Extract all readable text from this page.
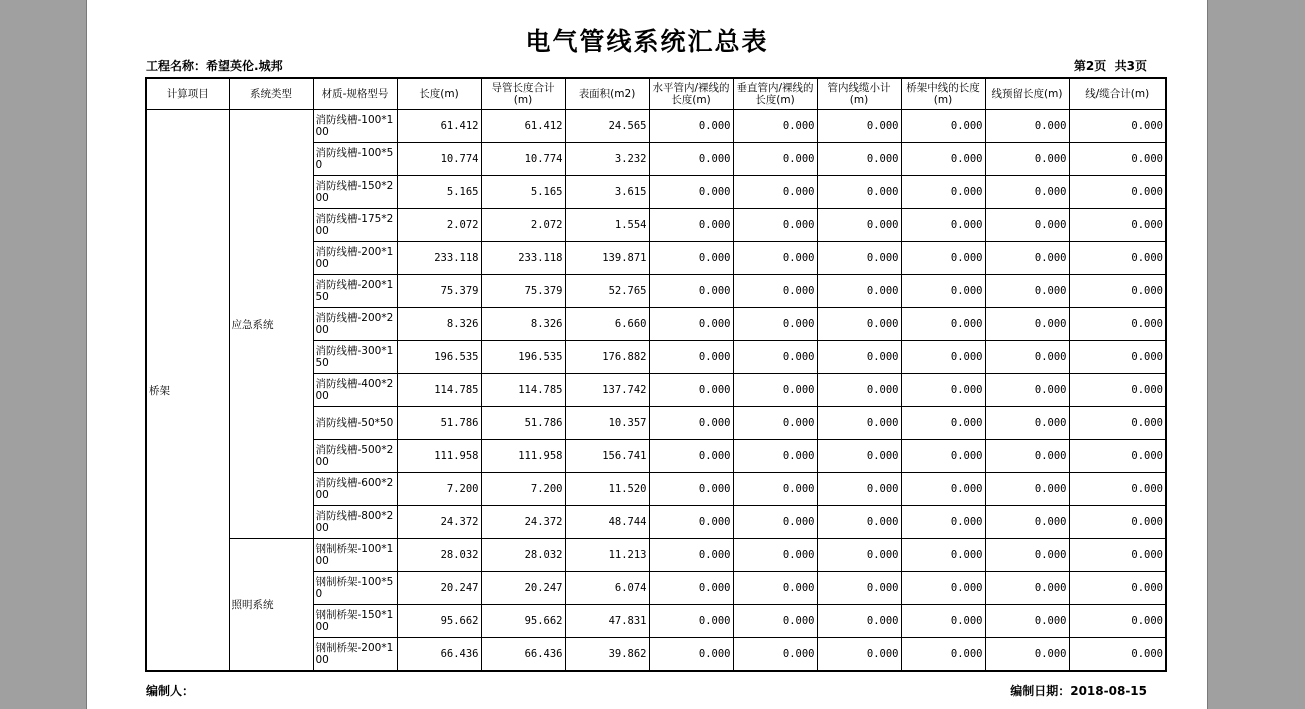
电气管线系统汇总表
工程名称：希望英伦.城邦	第2页 共3页
计算项目	系统类型	材质-规格型号	长度(m)	导管长度合计(m)	表面积(m2)	水平管内/裸线的长度(m)	垂直管内/裸线的长度(m)	管内线缆小计(m)	桥架中线的长度(m)	线预留长度(m)	线/缆合计(m)
桥架	应急系统	消防线槽-100*100	61.412	61.412	24.565	0.000	0.000	0.000	0.000	0.000	0.000
		消防线槽-100*50	10.774	10.774	3.232	0.000	0.000	0.000	0.000	0.000	0.000
		消防线槽-150*200	5.165	5.165	3.615	0.000	0.000	0.000	0.000	0.000	0.000
		消防线槽-175*200	2.072	2.072	1.554	0.000	0.000	0.000	0.000	0.000	0.000
		消防线槽-200*100	233.118	233.118	139.871	0.000	0.000	0.000	0.000	0.000	0.000
		消防线槽-200*150	75.379	75.379	52.765	0.000	0.000	0.000	0.000	0.000	0.000
		消防线槽-200*200	8.326	8.326	6.660	0.000	0.000	0.000	0.000	0.000	0.000
		消防线槽-300*150	196.535	196.535	176.882	0.000	0.000	0.000	0.000	0.000	0.000
		消防线槽-400*200	114.785	114.785	137.742	0.000	0.000	0.000	0.000	0.000	0.000
		消防线槽-50*50	51.786	51.786	10.357	0.000	0.000	0.000	0.000	0.000	0.000
		消防线槽-500*200	111.958	111.958	156.741	0.000	0.000	0.000	0.000	0.000	0.000
		消防线槽-600*200	7.200	7.200	11.520	0.000	0.000	0.000	0.000	0.000	0.000
		消防线槽-800*200	24.372	24.372	48.744	0.000	0.000	0.000	0.000	0.000	0.000
	照明系统	钢制桥架-100*100	28.032	28.032	11.213	0.000	0.000	0.000	0.000	0.000	0.000
		钢制桥架-100*50	20.247	20.247	6.074	0.000	0.000	0.000	0.000	0.000	0.000
		钢制桥架-150*100	95.662	95.662	47.831	0.000	0.000	0.000	0.000	0.000	0.000
		钢制桥架-200*100	66.436	66.436	39.862	0.000	0.000	0.000	0.000	0.000	0.000
编制人：	编制日期：2018-08-15
